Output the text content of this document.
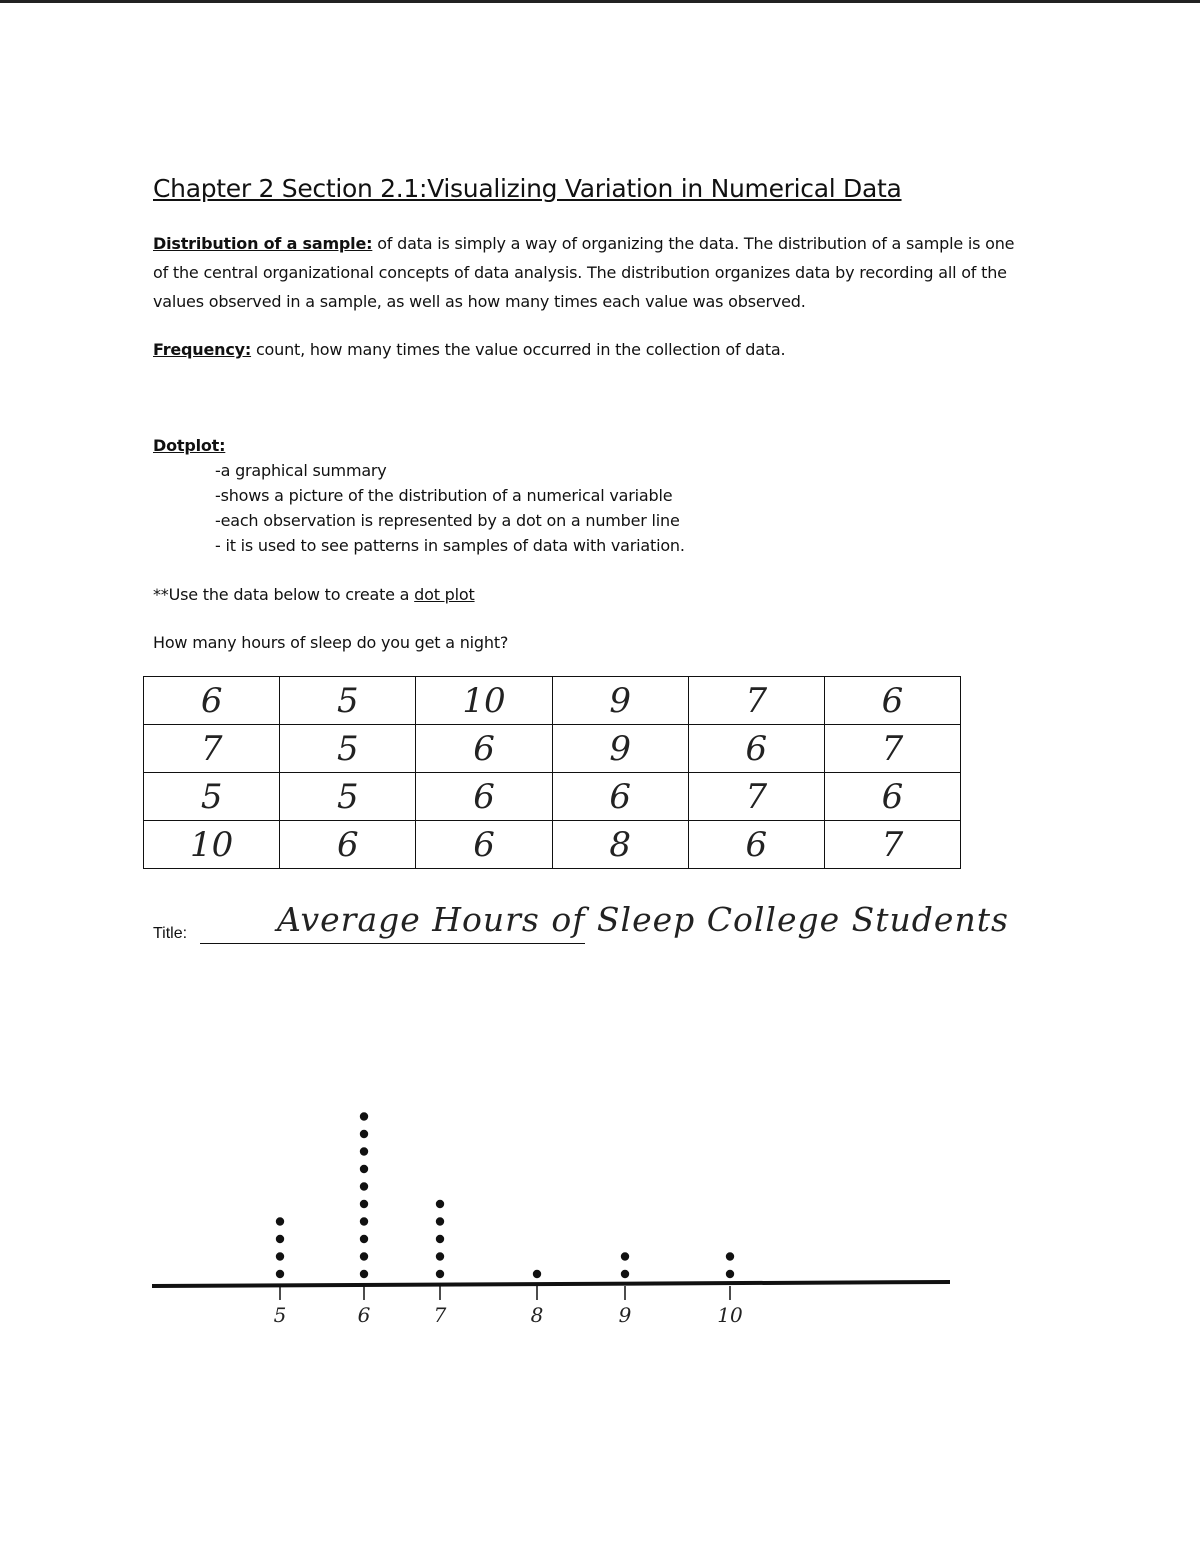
Chapter 2 Section 2.1:Visualizing Variation in Numerical Data
Distribution of a sample: of data is simply a way of organizing the data. The distribution of a sample is one of the central organizational concepts of data analysis. The distribution organizes data by recording all of the values observed in a sample, as well as how many times each value was observed.
Frequency: count, how many times the value occurred in the collection of data.
Dotplot:
-a graphical summary
-shows a picture of the distribution of a numerical variable
-each observation is represented by a dot on a number line
- it is used to see patterns in samples of data with variation.
**Use the data below to create a dot plot
How many hours of sleep do you get a night?
6	5	10	9	7	6
7	5	6	9	6	7
5	5	6	6	7	6
10	6	6	8	6	7
Title:	Average Hours of Sleep College Students
5	6	7	8	9	10
